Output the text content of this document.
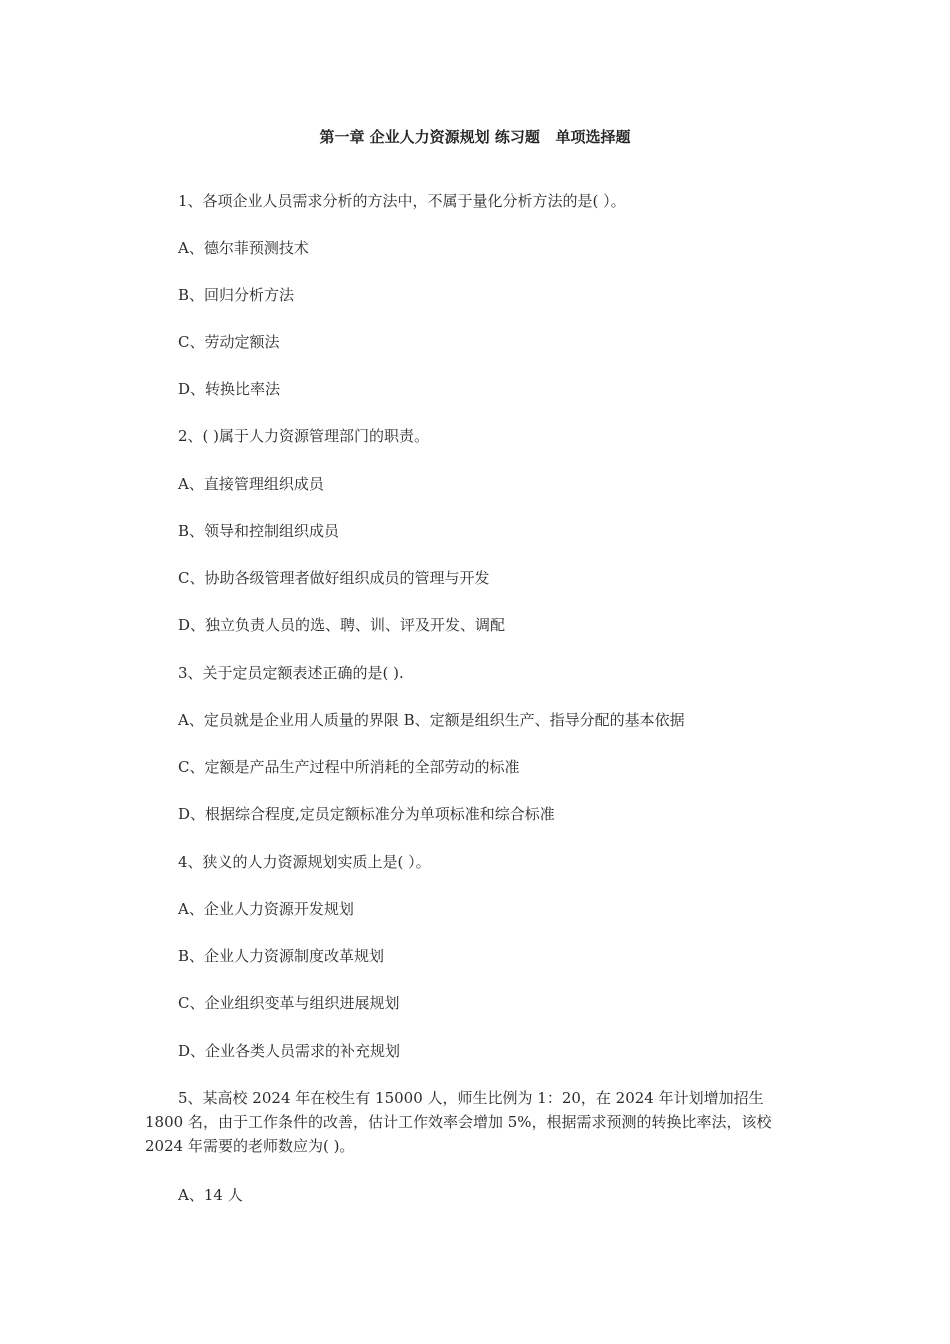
第一章 企业人力资源规划 练习题   单项选择题
1、各项企业人员需求分析的方法中，不属于量化分析方法的是( ）。
A、德尔菲预测技术
B、回归分析方法
C、劳动定额法
D、转换比率法
2、( )属于人力资源管理部门的职责。
A、直接管理组织成员
B、领导和控制组织成员
C、协助各级管理者做好组织成员的管理与开发
D、独立负责人员的选、聘、训、评及开发、调配
3、关于定员定额表述正确的是( ).
A、定员就是企业用人质量的界限 B、定额是组织生产、指导分配的基本依据
C、定额是产品生产过程中所消耗的全部劳动的标准
D、根据综合程度,定员定额标准分为单项标准和综合标准
4、狭义的人力资源规划实质上是( ）。
A、企业人力资源开发规划
B、企业人力资源制度改革规划
C、企业组织变革与组织进展规划
D、企业各类人员需求的补充规划
5、某高校 2024 年在校生有 15000 人，师生比例为 1：20，在 2024 年计划增加招生 1800 名，由于工作条件的改善，估计工作效率会增加 5%，根据需求预测的转换比率法，该校 2024 年需要的老师数应为( )。
A、14 人
